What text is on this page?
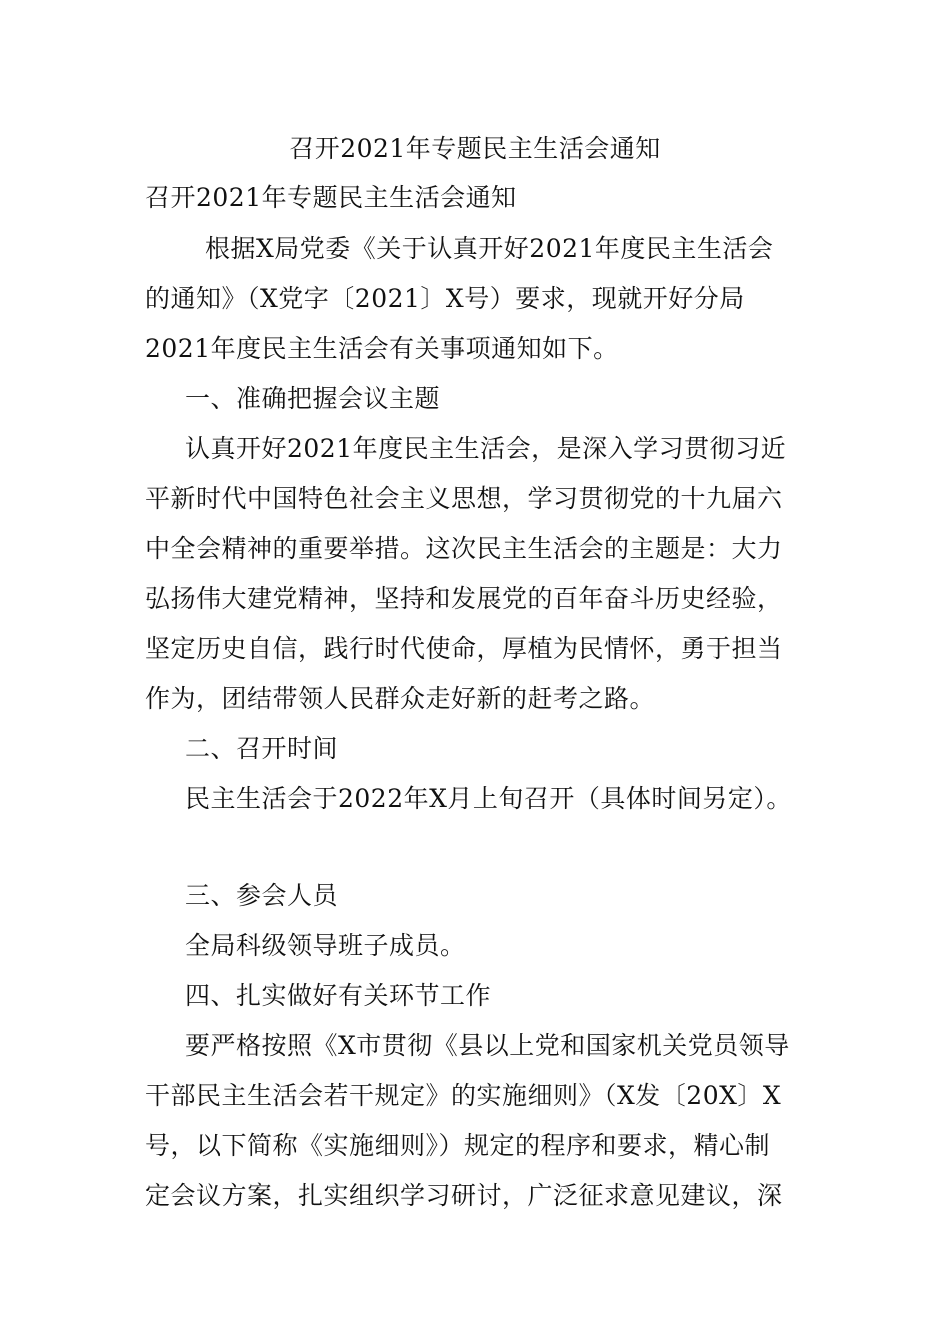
召开2021年专题民主生活会通知
召开2021年专题民主生活会通知
根据X局党委《关于认真开好2021年度民主生活会
的通知》（X党字〔2021〕X号）要求，现就开好分局
2021年度民主生活会有关事项通知如下。
一、准确把握会议主题
认真开好2021年度民主生活会，是深入学习贯彻习近
平新时代中国特色社会主义思想，学习贯彻党的十九届六
中全会精神的重要举措。这次民主生活会的主题是：大力
弘扬伟大建党精神，坚持和发展党的百年奋斗历史经验，
坚定历史自信，践行时代使命，厚植为民情怀，勇于担当
作为，团结带领人民群众走好新的赶考之路。
二、召开时间
民主生活会于2022年X月上旬召开（具体时间另定）。
三、参会人员
全局科级领导班子成员。
四、扎实做好有关环节工作
要严格按照《X市贯彻《县以上党和国家机关党员领导
干部民主生活会若干规定》的实施细则》（X发〔20X〕X
号，以下简称《实施细则》）规定的程序和要求，精心制
定会议方案，扎实组织学习研讨，广泛征求意见建议，深
